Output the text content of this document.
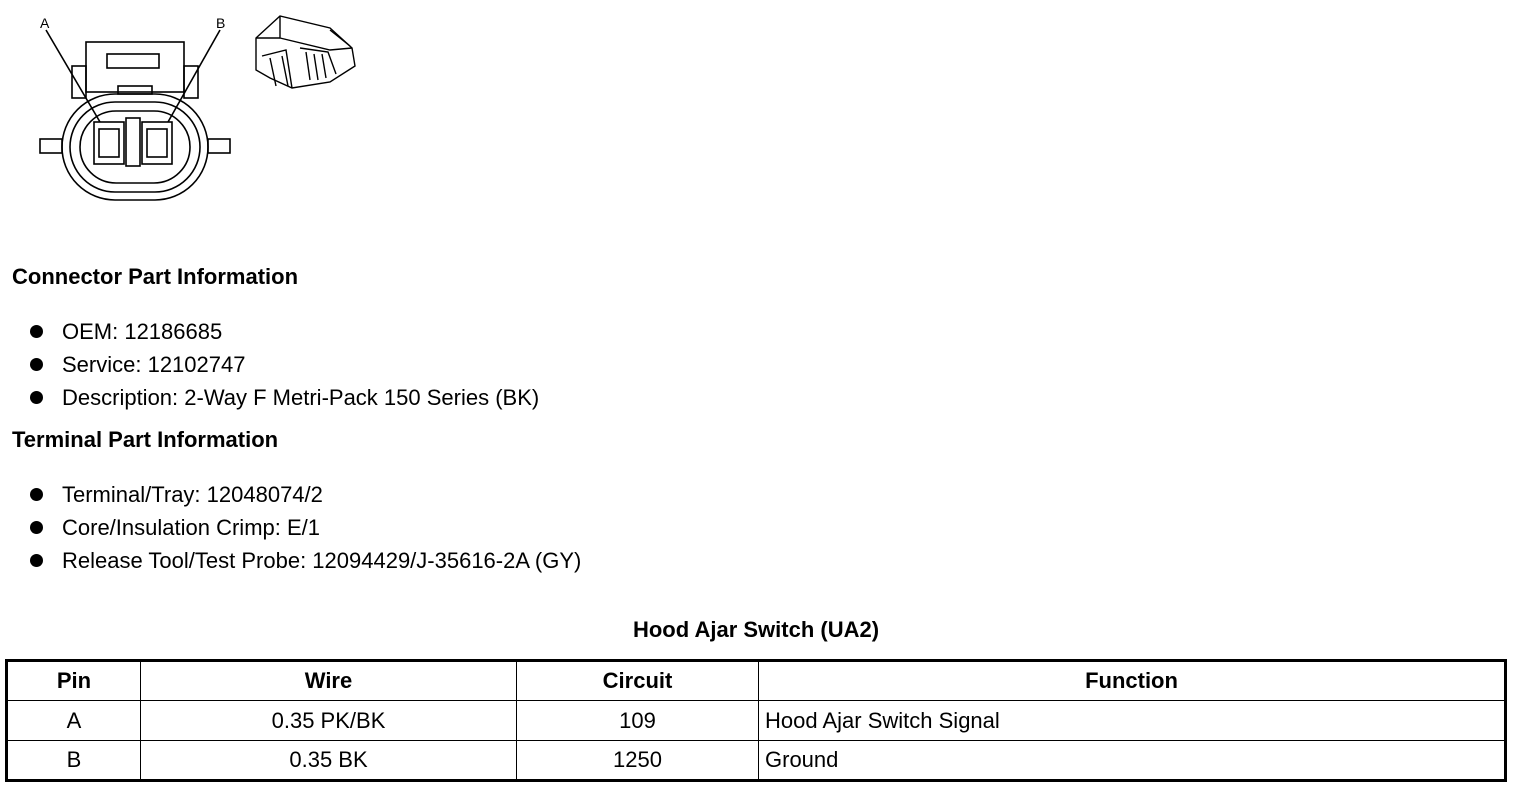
A	B
Connector Part Information
OEM: 12186685
Service: 12102747
Description: 2-Way F Metri-Pack 150 Series (BK)
Terminal Part Information
Terminal/Tray: 12048074/2
Core/Insulation Crimp: E/1
Release Tool/Test Probe: 12094429/J-35616-2A (GY)
Hood Ajar Switch (UA2)
Pin	Wire	Circuit	Function
A	0.35 PK/BK	109	Hood Ajar Switch Signal
B	0.35 BK	1250	Ground
